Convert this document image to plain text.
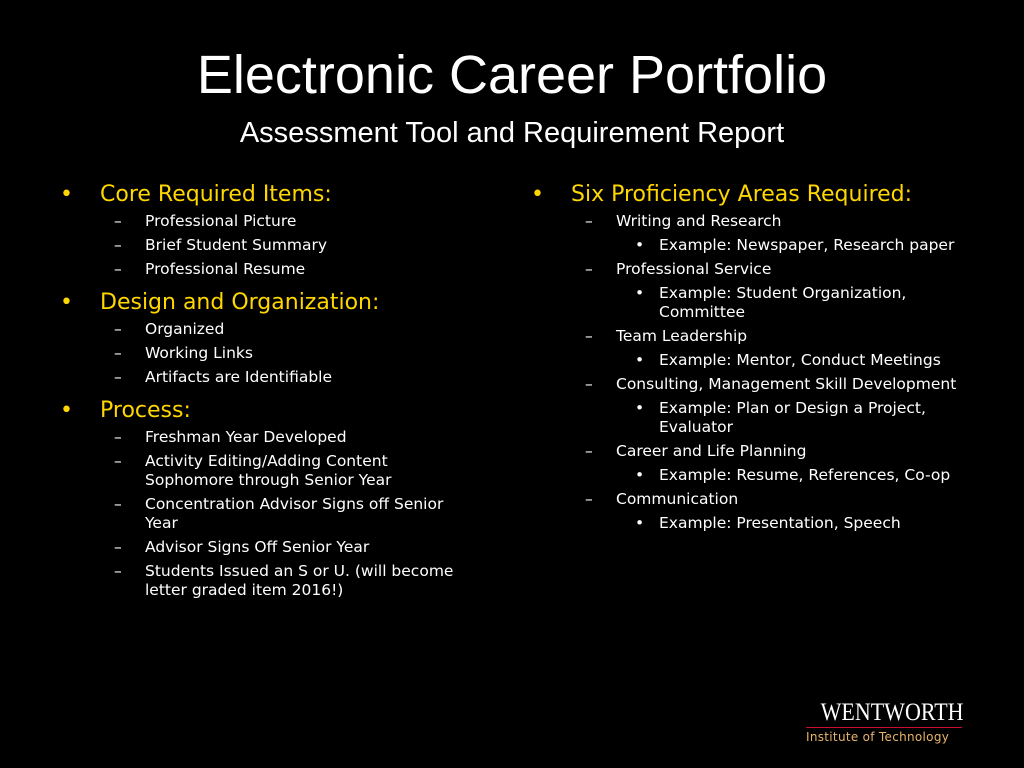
Electronic Career Portfolio
Assessment Tool and Requirement Report
• Core Required Items:
– Professional Picture
– Brief Student Summary
– Professional Resume
• Design and Organization:
– Organized
– Working Links
– Artifacts are Identifiable
• Process:
– Freshman Year Developed
– Activity Editing/Adding Content Sophomore through Senior Year
– Concentration Advisor Signs off Senior Year
– Advisor Signs Off Senior Year
– Students Issued an S or U. (will become letter graded item 2016!)
• Six Proficiency Areas Required:
– Writing and Research
• Example: Newspaper, Research paper
– Professional Service
• Example: Student Organization, Committee
– Team Leadership
• Example: Mentor, Conduct Meetings
– Consulting, Management Skill Development
• Example: Plan or Design a Project, Evaluator
– Career and Life Planning
• Example: Resume, References, Co-op
– Communication
• Example: Presentation, Speech
WENTWORTH
Institute of Technology
